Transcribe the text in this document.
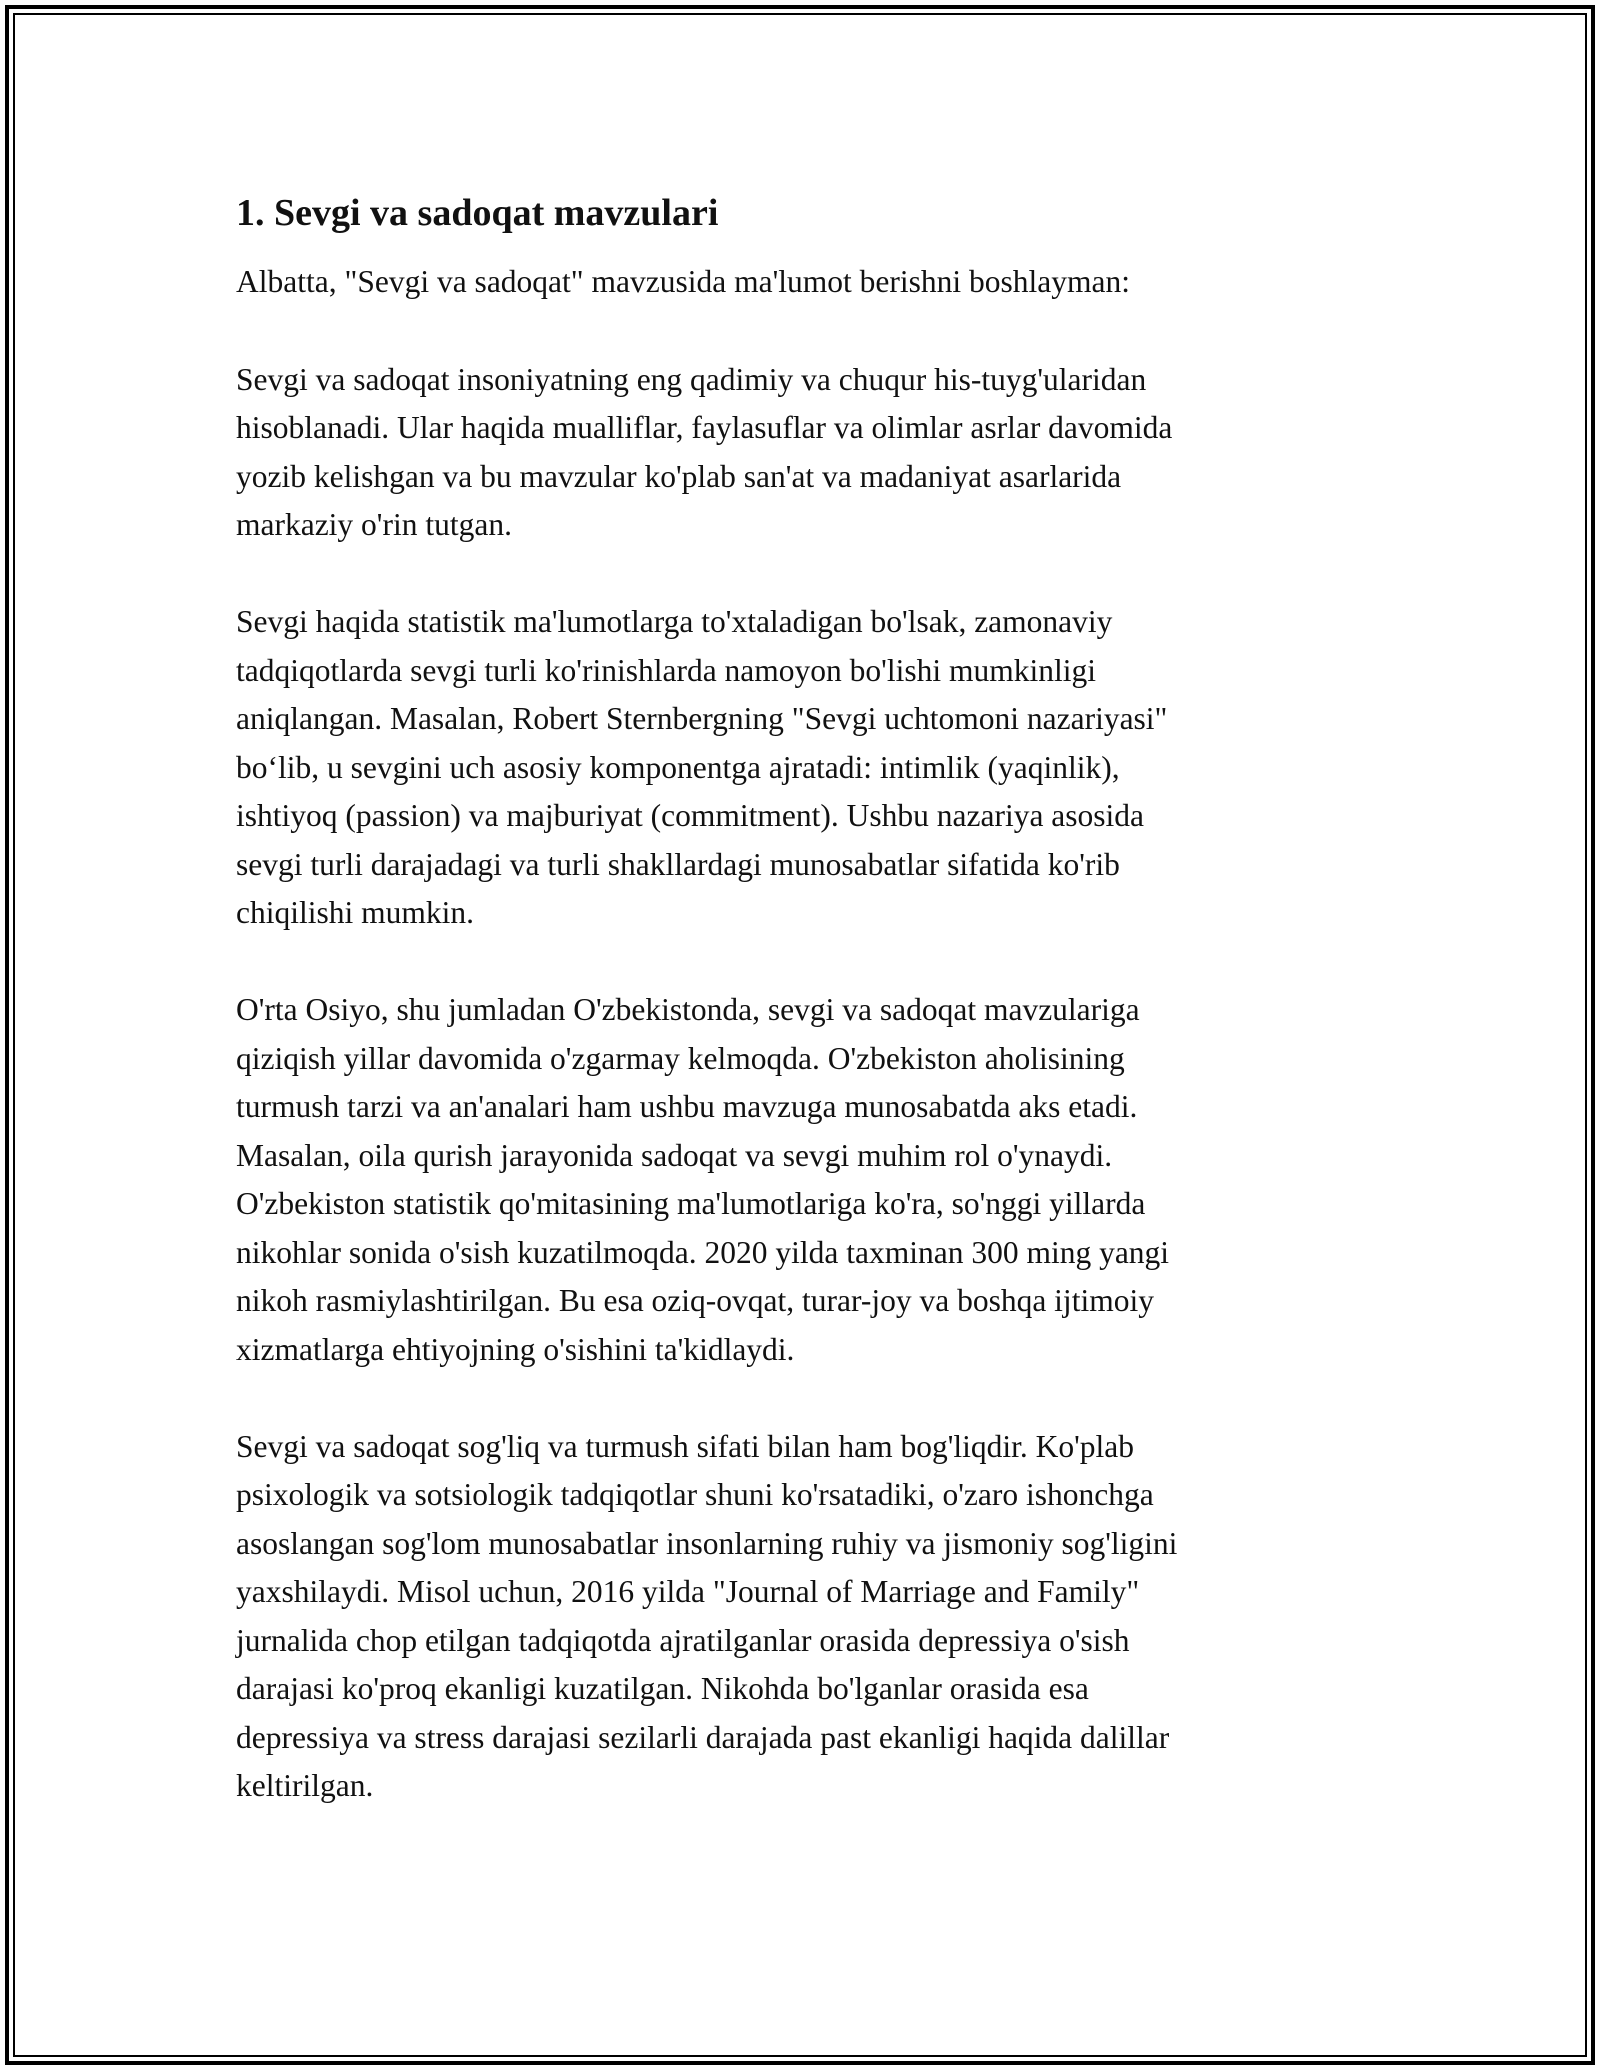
1. Sevgi va sadoqat mavzulari

Albatta, "Sevgi va sadoqat" mavzusida ma'lumot berishni boshlayman:

Sevgi va sadoqat insoniyatning eng qadimiy va chuqur his-tuyg'ularidan
hisoblanadi. Ular haqida mualliflar, faylasuflar va olimlar asrlar davomida
yozib kelishgan va bu mavzular ko'plab san'at va madaniyat asarlarida
markaziy o'rin tutgan.
Sevgi haqida statistik ma'lumotlarga to'xtaladigan bo'lsak, zamonaviy
tadqiqotlarda sevgi turli ko'rinishlarda namoyon bo'lishi mumkinligi
aniqlangan. Masalan, Robert Sternbergning "Sevgi uchtomoni nazariyasi"
bo‘lib, u sevgini uch asosiy komponentga ajratadi: intimlik (yaqinlik),
ishtiyoq (passion) va majburiyat (commitment). Ushbu nazariya asosida
sevgi turli darajadagi va turli shakllardagi munosabatlar sifatida ko'rib
chiqilishi mumkin.
O'rta Osiyo, shu jumladan O'zbekistonda, sevgi va sadoqat mavzulariga
qiziqish yillar davomida o'zgarmay kelmoqda. O'zbekiston aholisining
turmush tarzi va an'analari ham ushbu mavzuga munosabatda aks etadi.
Masalan, oila qurish jarayonida sadoqat va sevgi muhim rol o'ynaydi.
O'zbekiston statistik qo'mitasining ma'lumotlariga ko'ra, so'nggi yillarda
nikohlar sonida o'sish kuzatilmoqda. 2020 yilda taxminan 300 ming yangi
nikoh rasmiylashtirilgan. Bu esa oziq-ovqat, turar-joy va boshqa ijtimoiy
xizmatlarga ehtiyojning o'sishini ta'kidlaydi.
Sevgi va sadoqat sog'liq va turmush sifati bilan ham bog'liqdir. Ko'plab
psixologik va sotsiologik tadqiqotlar shuni ko'rsatadiki, o'zaro ishonchga
asoslangan sog'lom munosabatlar insonlarning ruhiy va jismoniy sog'ligini
yaxshilaydi. Misol uchun, 2016 yilda "Journal of Marriage and Family"
jurnalida chop etilgan tadqiqotda ajratilganlar orasida depressiya o'sish
darajasi ko'proq ekanligi kuzatilgan. Nikohda bo'lganlar orasida esa
depressiya va stress darajasi sezilarli darajada past ekanligi haqida dalillar
keltirilgan.
